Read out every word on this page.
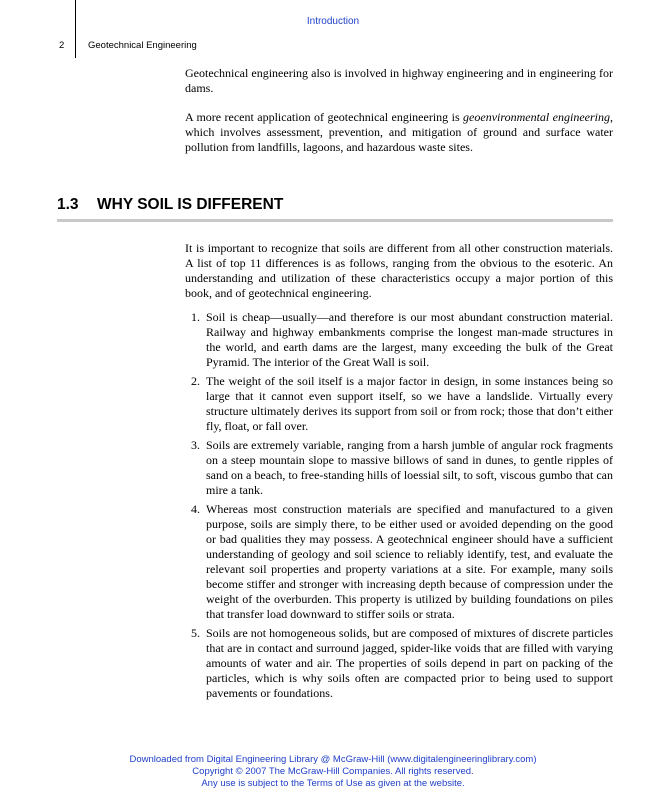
Introduction
2 Geotechnical Engineering

Geotechnical engineering also is involved in highway engineering and in engineering for dams.

A more recent application of geotechnical engineering is geoenvironmental engineering, which involves assessment, prevention, and mitigation of ground and surface water pollution from landfills, lagoons, and hazardous waste sites.

1.3 WHY SOIL IS DIFFERENT

It is important to recognize that soils are different from all other construction materials. A list of top 11 differences is as follows, ranging from the obvious to the esoteric. An understanding and utilization of these characteristics occupy a major portion of this book, and of geotechnical engineering.

1. Soil is cheap—usually—and therefore is our most abundant construction material. Railway and highway embankments comprise the longest man-made structures in the world, and earth dams are the largest, many exceeding the bulk of the Great Pyramid. The interior of the Great Wall is soil.
2. The weight of the soil itself is a major factor in design, in some instances being so large that it cannot even support itself, so we have a landslide. Virtually every structure ultimately derives its support from soil or from rock; those that don’t either fly, float, or fall over.
3. Soils are extremely variable, ranging from a harsh jumble of angular rock fragments on a steep mountain slope to massive billows of sand in dunes, to gentle ripples of sand on a beach, to free-standing hills of loessial silt, to soft, viscous gumbo that can mire a tank.
4. Whereas most construction materials are specified and manufactured to a given purpose, soils are simply there, to be either used or avoided depending on the good or bad qualities they may possess. A geotechnical engineer should have a sufficient understanding of geology and soil science to reliably identify, test, and evaluate the relevant soil properties and property variations at a site. For example, many soils become stiffer and stronger with increasing depth because of compression under the weight of the overburden. This property is utilized by building foundations on piles that transfer load downward to stiffer soils or strata.
5. Soils are not homogeneous solids, but are composed of mixtures of discrete particles that are in contact and surround jagged, spider-like voids that are filled with varying amounts of water and air. The properties of soils depend in part on packing of the particles, which is why soils often are compacted prior to being used to support pavements or foundations.
Downloaded from Digital Engineering Library @ McGraw-Hill (www.digitalengineeringlibrary.com)
Copyright © 2007 The McGraw-Hill Companies. All rights reserved.
Any use is subject to the Terms of Use as given at the website.
